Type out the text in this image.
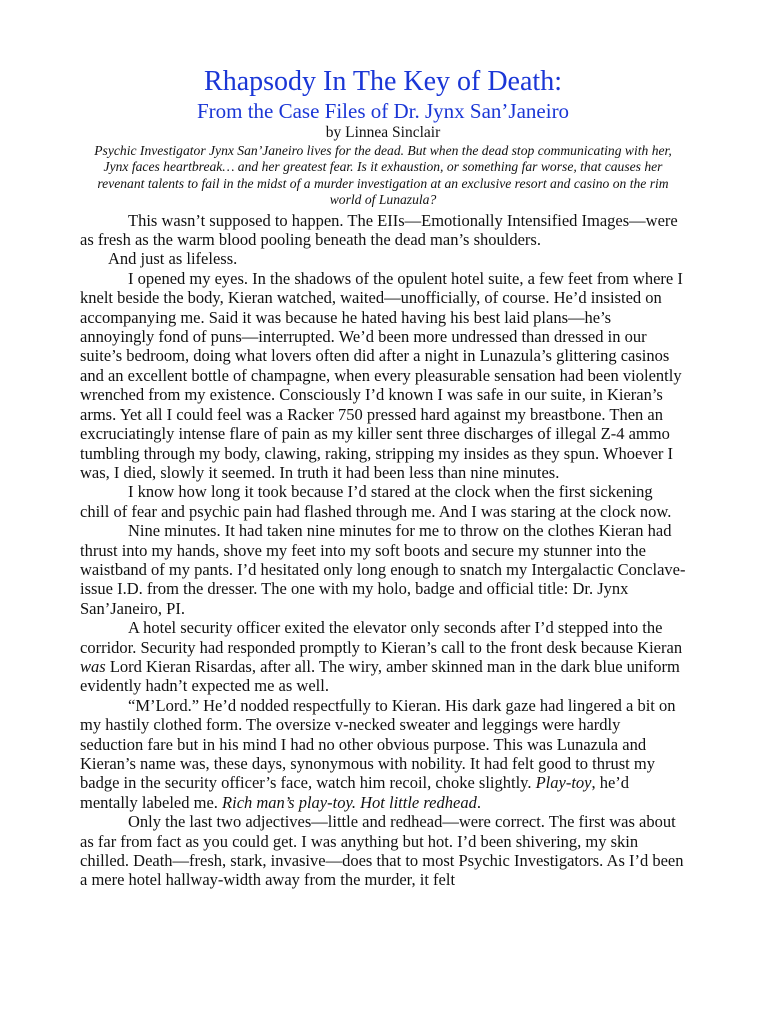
Rhapsody In The Key of Death:
From the Case Files of Dr. Jynx San’Janeiro

by Linnea Sinclair

Psychic Investigator Jynx San’Janeiro lives for the dead. But when the dead stop communicating with her, Jynx faces heartbreak… and her greatest fear. Is it exhaustion, or something far worse, that causes her revenant talents to fail in the midst of a murder investigation at an exclusive resort and casino on the rim world of Lunazula?

This wasn’t supposed to happen. The EIIs—Emotionally Intensified Images—were as fresh as the warm blood pooling beneath the dead man’s shoulders.

And just as lifeless.

I opened my eyes. In the shadows of the opulent hotel suite, a few feet from where I knelt beside the body, Kieran watched, waited—unofficially, of course. He’d insisted on accompanying me. Said it was because he hated having his best laid plans—he’s annoyingly fond of puns—interrupted. We’d been more undressed than dressed in our suite’s bedroom, doing what lovers often did after a night in Lunazula’s glittering casinos and an excellent bottle of champagne, when every pleasurable sensation had been violently wrenched from my existence. Consciously I’d known I was safe in our suite, in Kieran’s arms. Yet all I could feel was a Racker 750 pressed hard against my breastbone. Then an excruciatingly intense flare of pain as my killer sent three discharges of illegal Z-4 ammo tumbling through my body, clawing, raking, stripping my insides as they spun. Whoever I was, I died, slowly it seemed. In truth it had been less than nine minutes.

I know how long it took because I’d stared at the clock when the first sickening chill of fear and psychic pain had flashed through me. And I was staring at the clock now.

Nine minutes. It had taken nine minutes for me to throw on the clothes Kieran had thrust into my hands, shove my feet into my soft boots and secure my stunner into the waistband of my pants. I’d hesitated only long enough to snatch my Intergalactic Conclave-issue I.D. from the dresser. The one with my holo, badge and official title: Dr. Jynx San’Janeiro, PI.

A hotel security officer exited the elevator only seconds after I’d stepped into the corridor. Security had responded promptly to Kieran’s call to the front desk because Kieran was Lord Kieran Risardas, after all. The wiry, amber skinned man in the dark blue uniform evidently hadn’t expected me as well.

“M’Lord.” He’d nodded respectfully to Kieran. His dark gaze had lingered a bit on my hastily clothed form. The oversize v-necked sweater and leggings were hardly seduction fare but in his mind I had no other obvious purpose. This was Lunazula and Kieran’s name was, these days, synonymous with nobility. It had felt good to thrust my badge in the security officer’s face, watch him recoil, choke slightly. Play-toy, he’d mentally labeled me. Rich man’s play-toy. Hot little redhead.

Only the last two adjectives—little and redhead—were correct. The first was about as far from fact as you could get. I was anything but hot. I’d been shivering, my skin chilled. Death—fresh, stark, invasive—does that to most Psychic Investigators. As I’d been a mere hotel hallway-width away from the murder, it felt
